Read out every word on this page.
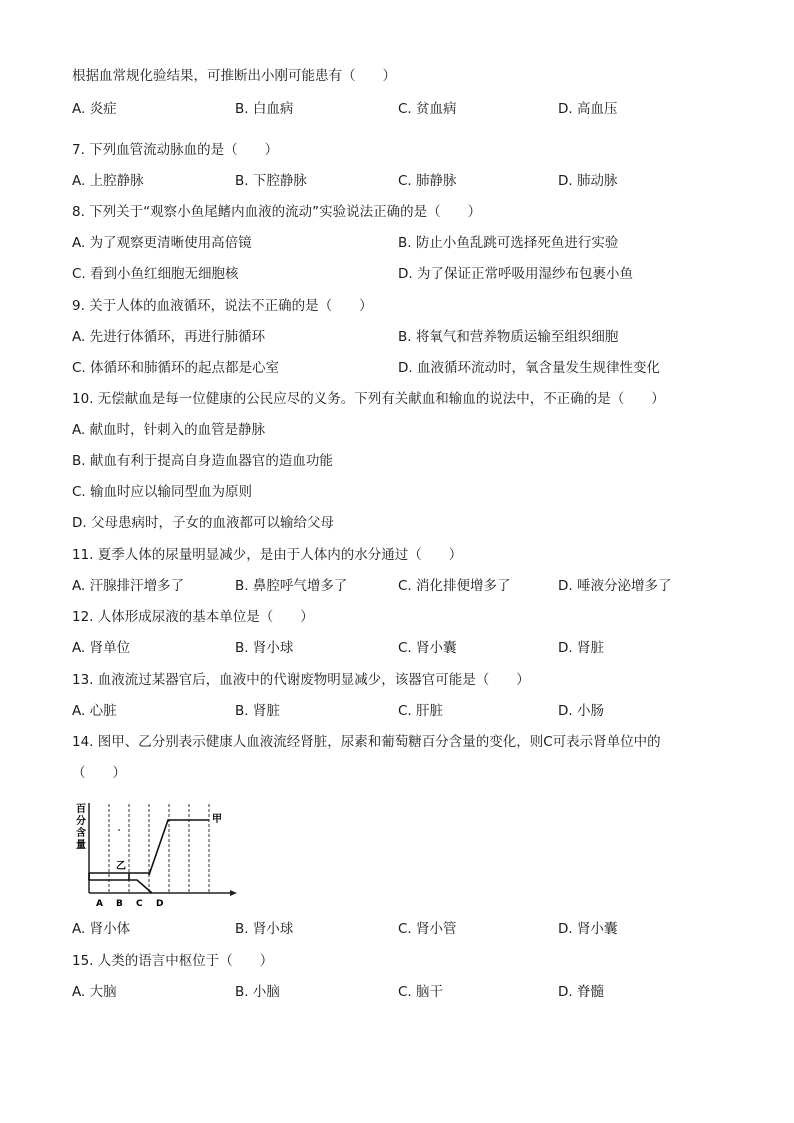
根据血常规化验结果，可推断出小刚可能患有（　　）
A. 炎症	B. 白血病	C. 贫血病	D. 高血压
7. 下列血管流动脉血的是（　　）
A. 上腔静脉	B. 下腔静脉	C. 肺静脉	D. 肺动脉
8. 下列关于“观察小鱼尾鳍内血液的流动”实验说法正确的是（　　）
A. 为了观察更清晰使用高倍镜	B. 防止小鱼乱跳可选择死鱼进行实验
C. 看到小鱼红细胞无细胞核	D. 为了保证正常呼吸用湿纱布包裹小鱼
9. 关于人体的血液循环，说法不正确的是（　　）
A. 先进行体循环，再进行肺循环	B. 将氧气和营养物质运输至组织细胞
C. 体循环和肺循环的起点都是心室	D. 血液循环流动时，氧含量发生规律性变化
10. 无偿献血是每一位健康的公民应尽的义务。下列有关献血和输血的说法中，不正确的是（　　）
A. 献血时，针刺入的血管是静脉
B. 献血有利于提高自身造血器官的造血功能
C. 输血时应以输同型血为原则
D. 父母患病时，子女的血液都可以输给父母
11. 夏季人体的尿量明显减少，是由于人体内的水分通过（　　）
A. 汗腺排汗增多了	B. 鼻腔呼气增多了	C. 消化排便增多了	D. 唾液分泌增多了
12. 人体形成尿液的基本单位是（　　）
A. 肾单位	B. 肾小球	C. 肾小囊	D. 肾脏
13. 血液流过某器官后，血液中的代谢废物明显减少，该器官可能是（　　）
A. 心脏	B. 肾脏	C. 肝脏	D. 小肠
14. 图甲、乙分别表示健康人血液流经肾脏，尿素和葡萄糖百分含量的变化，则C可表示肾单位中的
（　　）
百
分
含
量
甲
乙
A B C D
A. 肾小体	B. 肾小球	C. 肾小管	D. 肾小囊
15. 人类的语言中枢位于（　　）
A. 大脑	B. 小脑	C. 脑干	D. 脊髓
